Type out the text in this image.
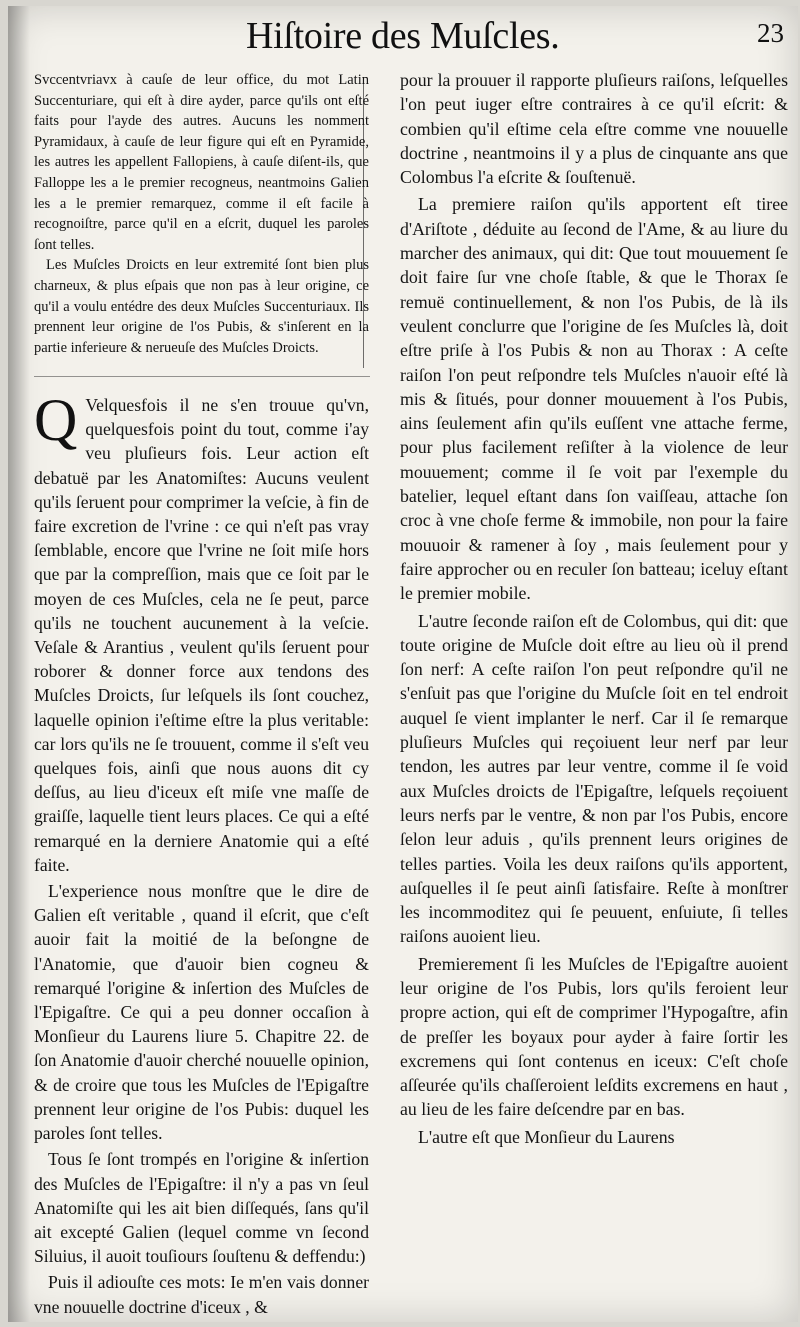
Hiſtoire des Muſcles.	23

Svccentvriavx à cauſe de leur office, du mot Latin Succenturiare, qui eſt à dire ayder, parce qu'ils ont eſté faits pour l'ayde des autres. Aucuns les nomment Pyramidaux, à cauſe de leur figure qui eſt en Pyramide, les autres les appellent Fallopiens, à cauſe diſent-ils, que Falloppe les a le premier recogneus, neantmoins Galien les a le premier remarquez, comme il eſt facile à recognoiſtre, parce qu'il en a eſcrit, duquel les paroles ſont telles.

Les Muſcles Droicts en leur extremité ſont bien plus charneux, & plus eſpais que non pas à leur origine, ce qu'il a voulu entédre des deux Muſcles Succenturiaux. Ils prennent leur origine de l'os Pubis, & s'inſerent en la partie inferieure & nerueuſe des Muſcles Droicts.

Q Velquesfois il ne s'en trouue qu'vn, quelquesfois point du tout, comme i'ay veu pluſieurs fois. Leur action eſt debatuë par les Anatomiſtes: Aucuns veulent qu'ils ſeruent pour comprimer la veſcie, à fin de faire excretion de l'vrine : ce qui n'eſt pas vray ſemblable, encore que l'vrine ne ſoit miſe hors que par la compreſſion, mais que ce ſoit par le moyen de ces Muſcles, cela ne ſe peut, parce qu'ils ne touchent aucunement à la veſcie. Veſale & Arantius , veulent qu'ils ſeruent pour roborer & donner force aux tendons des Muſcles Droicts, ſur leſquels ils ſont couchez, laquelle opinion i'eſtime eſtre la plus veritable: car lors qu'ils ne ſe trouuent, comme il s'eſt veu quelques fois, ainſi que nous auons dit cy deſſus, au lieu d'iceux eſt miſe vne maſſe de graiſſe, laquelle tient leurs places. Ce qui a eſté remarqué en la derniere Anatomie qui a eſté faite.

L'experience nous monſtre que le dire de Galien eſt veritable , quand il eſcrit, que c'eſt auoir fait la moitié de la beſongne de l'Anatomie, que d'auoir bien cogneu & remarqué l'origine & inſertion des Muſcles de l'Epigaſtre. Ce qui a peu donner occaſion à Monſieur du Laurens liure 5. Chapitre 22. de ſon Anatomie d'auoir cherché nouuelle opinion, & de croire que tous les Muſcles de l'Epigaſtre prennent leur origine de l'os Pubis: duquel les paroles ſont telles.

Tous ſe ſont trompés en l'origine & inſertion des Muſcles de l'Epigaſtre: il n'y a pas vn ſeul Anatomiſte qui les ait bien diſſequés, ſans qu'il ait excepté Galien (lequel comme vn ſecond Siluius, il auoit touſiours ſouſtenu & deffendu:)

Puis il adiouſte ces mots: Ie m'en vais donner vne nouuelle doctrine d'iceux , &

pour la prouuer il rapporte pluſieurs raiſons, leſquelles l'on peut iuger eſtre contraires à ce qu'il eſcrit: & combien qu'il eſtime cela eſtre comme vne nouuelle doctrine , neantmoins il y a plus de cinquante ans que Colombus l'a eſcrite & ſouſtenuë.

La premiere raiſon qu'ils apportent eſt tiree d'Ariſtote , déduite au ſecond de l'Ame, & au liure du marcher des animaux, qui dit: Que tout mouuement ſe doit faire ſur vne choſe ſtable, & que le Thorax ſe remuë continuellement, & non l'os Pubis, de là ils veulent conclurre que l'origine de ſes Muſcles là, doit eſtre priſe à l'os Pubis & non au Thorax : A ceſte raiſon l'on peut reſpondre tels Muſcles n'auoir eſté là mis & ſitués, pour donner mouuement à l'os Pubis, ains ſeulement afin qu'ils euſſent vne attache ferme, pour plus facilement reſiſter à la violence de leur mouuement; comme il ſe voit par l'exemple du batelier, lequel eſtant dans ſon vaiſſeau, attache ſon croc à vne choſe ferme & immobile, non pour la faire mouuoir & ramener à ſoy , mais ſeulement pour y faire approcher ou en reculer ſon batteau; iceluy eſtant le premier mobile.

L'autre ſeconde raiſon eſt de Colombus, qui dit: que toute origine de Muſcle doit eſtre au lieu où il prend ſon nerf: A ceſte raiſon l'on peut reſpondre qu'il ne s'enſuit pas que l'origine du Muſcle ſoit en tel endroit auquel ſe vient implanter le nerf. Car il ſe remarque pluſieurs Muſcles qui reçoiuent leur nerf par leur tendon, les autres par leur ventre, comme il ſe void aux Muſcles droicts de l'Epigaſtre, leſquels reçoiuent leurs nerfs par le ventre, & non par l'os Pubis, encore ſelon leur aduis , qu'ils prennent leurs origines de telles parties. Voila les deux raiſons qu'ils apportent, auſquelles il ſe peut ainſi ſatisfaire. Reſte à monſtrer les incommoditez qui ſe peuuent, enſuiute, ſi telles raiſons auoient lieu.

Premierement ſi les Muſcles de l'Epigaſtre auoient leur origine de l'os Pubis, lors qu'ils feroient leur propre action, qui eſt de comprimer l'Hypogaſtre, afin de preſſer les boyaux pour ayder à faire ſortir les excremens qui ſont contenus en iceux: C'eſt choſe aſſeurée qu'ils chaſſeroient leſdits excremens en haut , au lieu de les faire deſcendre par en bas.

L'autre eſt que Monſieur du Laurens
